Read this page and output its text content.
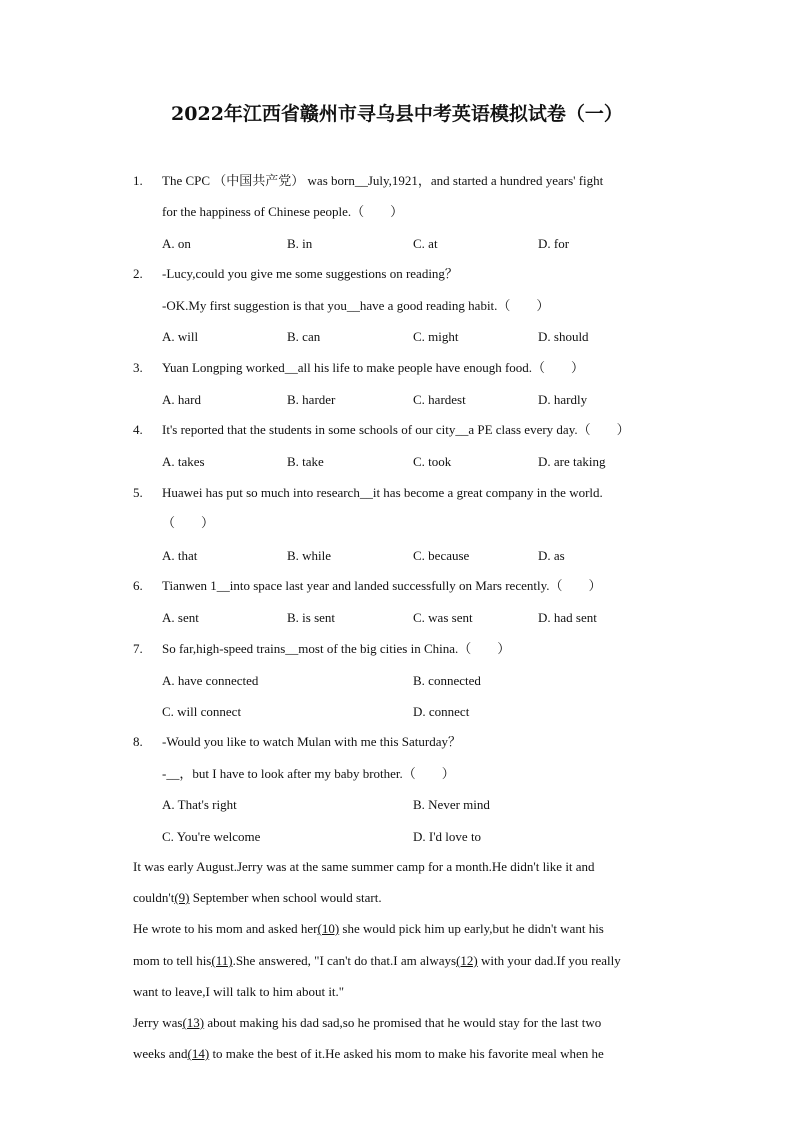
2022年江西省赣州市寻乌县中考英语模拟试卷（一）
1. The CPC （中国共产党） was born__July,1921，and started a hundred years' fight
for the happiness of Chinese people.（　　）
A. on	B. in	C. at	D. for
2. -Lucy,could you give me some suggestions on reading？
-OK.My first suggestion is that you__have a good reading habit.（　　）
A. will	B. can	C. might	D. should
3. Yuan Longping worked__all his life to make people have enough food.（　　）
A. hard	B. harder	C. hardest	D. hardly
4. It's reported that the students in some schools of our city__a PE class every day.（　　）
A. takes	B. take	C. took	D. are taking
5. Huawei has put so much into research__it has become a great company in the world.
（　　）
A. that	B. while	C. because	D. as
6. Tianwen 1__into space last year and landed successfully on Mars recently.（　　）
A. sent	B. is sent	C. was sent	D. had sent
7. So far,high-speed trains__most of the big cities in China.（　　）
A. have connected	B. connected
C. will connect	D. connect
8. -Would you like to watch Mulan with me this Saturday？
-__，but I have to look after my baby brother.（　　）
A. That's right	B. Never mind
C. You're welcome	D. I'd love to
It was early August.Jerry was at the same summer camp for a month.He didn't like it and
couldn't(9) September when school would start.
He wrote to his mom and asked her(10) she would pick him up early,but he didn't want his
mom to tell his(11).She answered, "I can't do that.I am always(12) with your dad.If you really
want to leave,I will talk to him about it."
Jerry was(13) about making his dad sad,so he promised that he would stay for the last two
weeks and(14) to make the best of it.He asked his mom to make his favorite meal when he
